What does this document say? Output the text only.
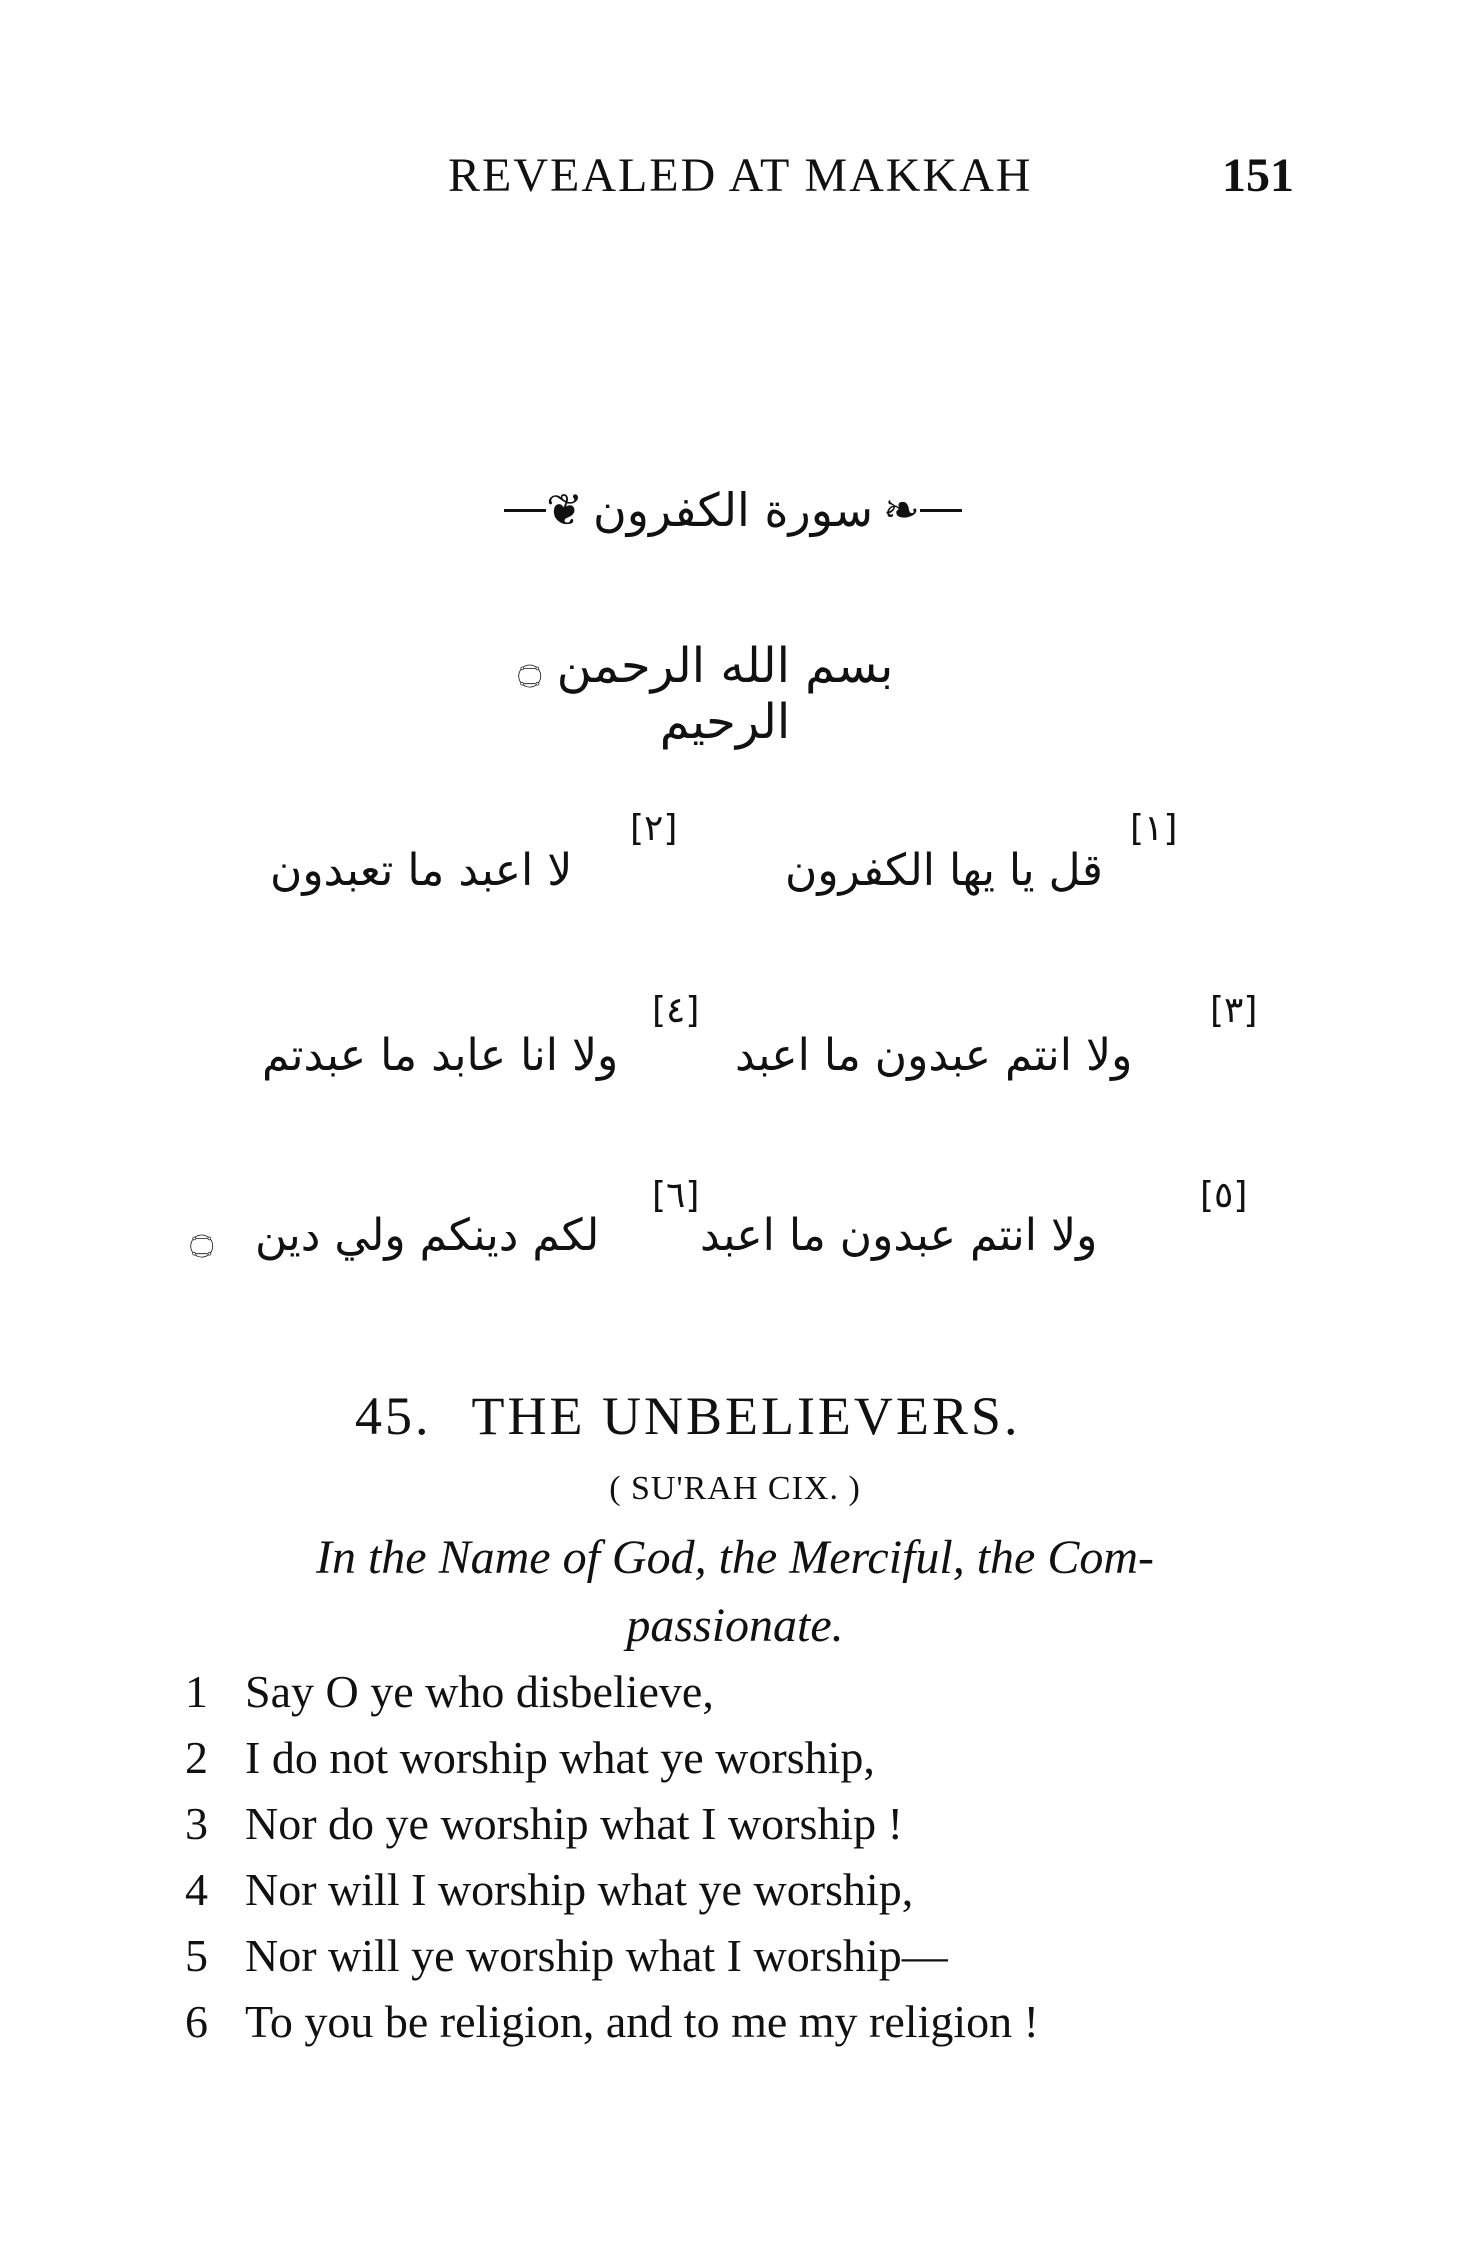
REVEALED AT MAKKAH	151
❦ سورة الكفرون ❧
بسم الله الرحمن الرحيم
۝
[١]
قل يا يها الكفرون
[٢]
لا اعبد ما تعبدون
[٣]
ولا انتم عبدون ما اعبد
[٤]
ولا انا عابد ما عبدتم
[٥]
ولا انتم عبدون ما اعبد
[٦]
لكم دينكم ولي دين
۝
45. THE UNBELIEVERS.
( SU'RAH CIX. )
In the Name of God, the Merciful, the Com-
passionate.
1 Say O ye who disbelieve,
2 I do not worship what ye worship,
3 Nor do ye worship what I worship !
4 Nor will I worship what ye worship,
5 Nor will ye worship what I worship—
6 To you be religion, and to me my religion !
